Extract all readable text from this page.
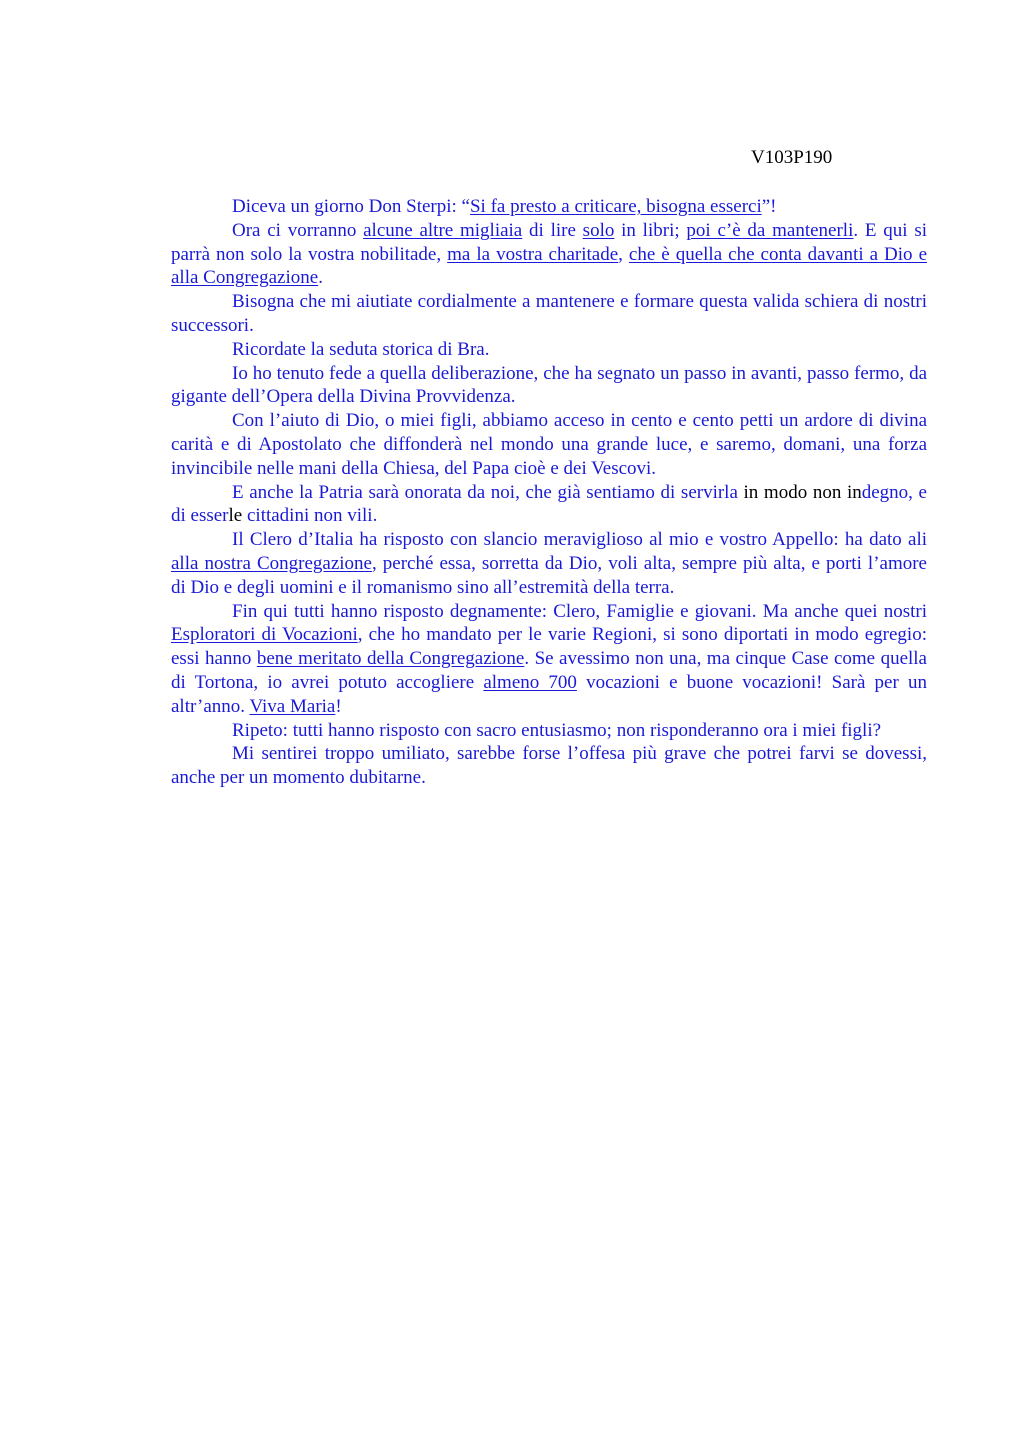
V103P190

Diceva un giorno Don Sterpi: “Si fa presto a criticare, bisogna esserci”!

Ora ci vorranno alcune altre migliaia di lire solo in libri; poi c’è da mantenerli. E qui si parrà non solo la vostra nobilitade, ma la vostra charitade, che è quella che conta davanti a Dio e alla Congregazione.

Bisogna che mi aiutiate cordialmente a mantenere e formare questa valida schiera di nostri successori.

Ricordate la seduta storica di Bra.

Io ho tenuto fede a quella deliberazione, che ha segnato un passo in avanti, passo fermo, da gigante dell’Opera della Divina Provvidenza.

Con l’aiuto di Dio, o miei figli, abbiamo acceso in cento e cento petti un ardore di divina carità e di Apostolato che diffonderà nel mondo una grande luce, e saremo, domani, una forza invincibile nelle mani della Chiesa, del Papa cioè e dei Vescovi.

E anche la Patria sarà onorata da noi, che già sentiamo di servirla in modo non indegno, e di esserle cittadini non vili.

Il Clero d’Italia ha risposto con slancio meraviglioso al mio e vostro Appello: ha dato ali alla nostra Congregazione, perché essa, sorretta da Dio, voli alta, sempre più alta, e porti l’amore di Dio e degli uomini e il romanismo sino all’estremità della terra.

Fin qui tutti hanno risposto degnamente: Clero, Famiglie e giovani. Ma anche quei nostri Esploratori di Vocazioni, che ho mandato per le varie Regioni, si sono diportati in modo egregio: essi hanno bene meritato della Congregazione. Se avessimo non una, ma cinque Case come quella di Tortona, io avrei potuto accogliere almeno 700 vocazioni e buone vocazioni! Sarà per un altr’anno. Viva Maria!

Ripeto: tutti hanno risposto con sacro entusiasmo; non risponderanno ora i miei figli?

Mi sentirei troppo umiliato, sarebbe forse l’offesa più grave che potrei farvi se dovessi, anche per un momento dubitarne.
